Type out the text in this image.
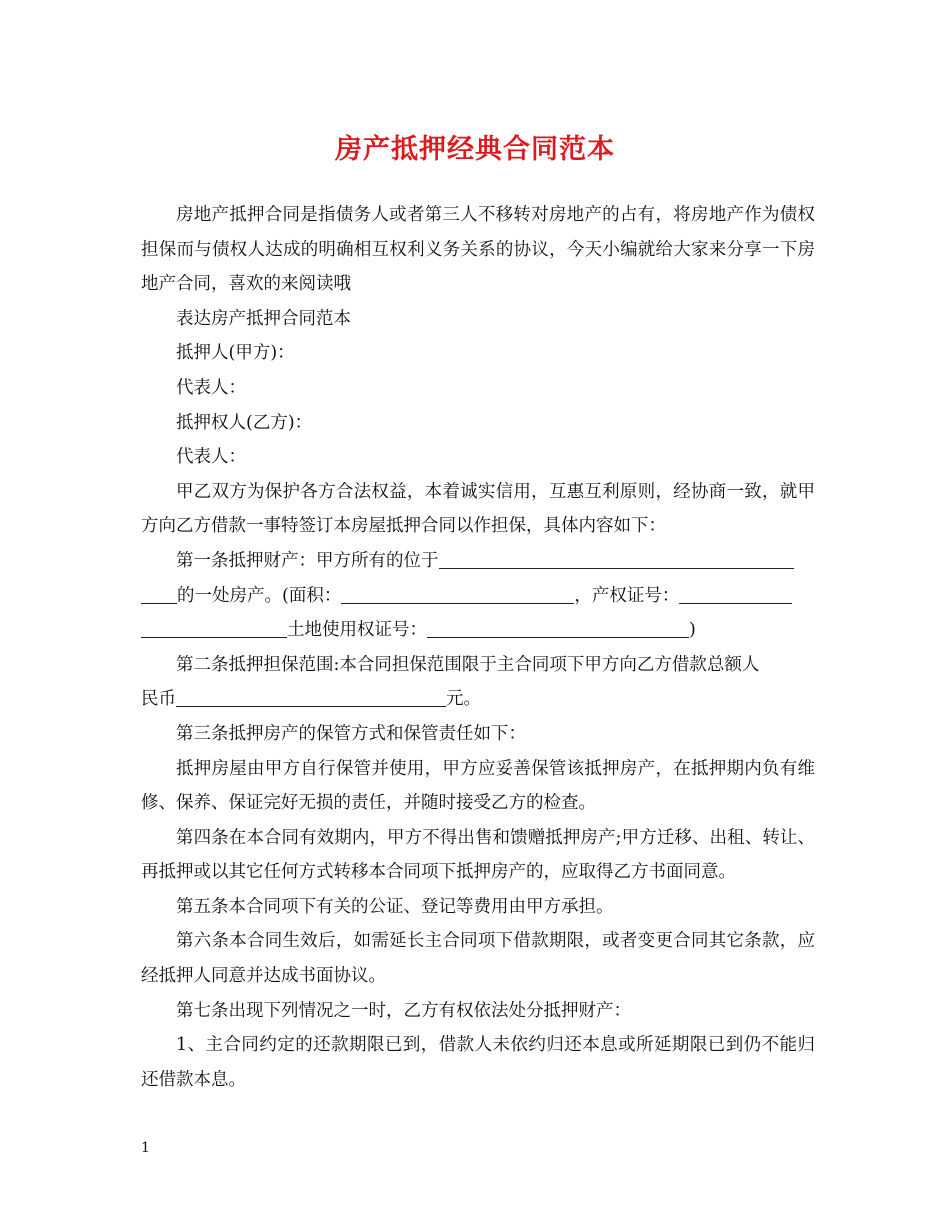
房产抵押经典合同范本

房地产抵押合同是指债务人或者第三人不移转对房地产的占有，将房地产作为债权担保而与债权人达成的明确相互权利义务关系的协议，今天小编就给大家来分享一下房地产合同，喜欢的来阅读哦

表达房产抵押合同范本

抵押人(甲方)：

代表人：

抵押权人(乙方)：

代表人：

甲乙双方为保护各方合法权益，本着诚实信用，互惠互利原则，经协商一致，就甲方向乙方借款一事特签订本房屋抵押合同以作担保，具体内容如下：

第一条抵押财产：甲方所有的位于

的一处房产。(面积：	，产权证号：

土地使用权证号：	)

第二条抵押担保范围:本合同担保范围限于主合同项下甲方向乙方借款总额人

民币	元。

第三条抵押房产的保管方式和保管责任如下：

抵押房屋由甲方自行保管并使用，甲方应妥善保管该抵押房产，在抵押期内负有维修、保养、保证完好无损的责任，并随时接受乙方的检查。

第四条在本合同有效期内，甲方不得出售和馈赠抵押房产;甲方迁移、出租、转让、再抵押或以其它任何方式转移本合同项下抵押房产的，应取得乙方书面同意。

第五条本合同项下有关的公证、登记等费用由甲方承担。

第六条本合同生效后，如需延长主合同项下借款期限，或者变更合同其它条款，应经抵押人同意并达成书面协议。

第七条出现下列情况之一时，乙方有权依法处分抵押财产：

1、主合同约定的还款期限已到，借款人未依约归还本息或所延期限已到仍不能归还借款本息。

1
